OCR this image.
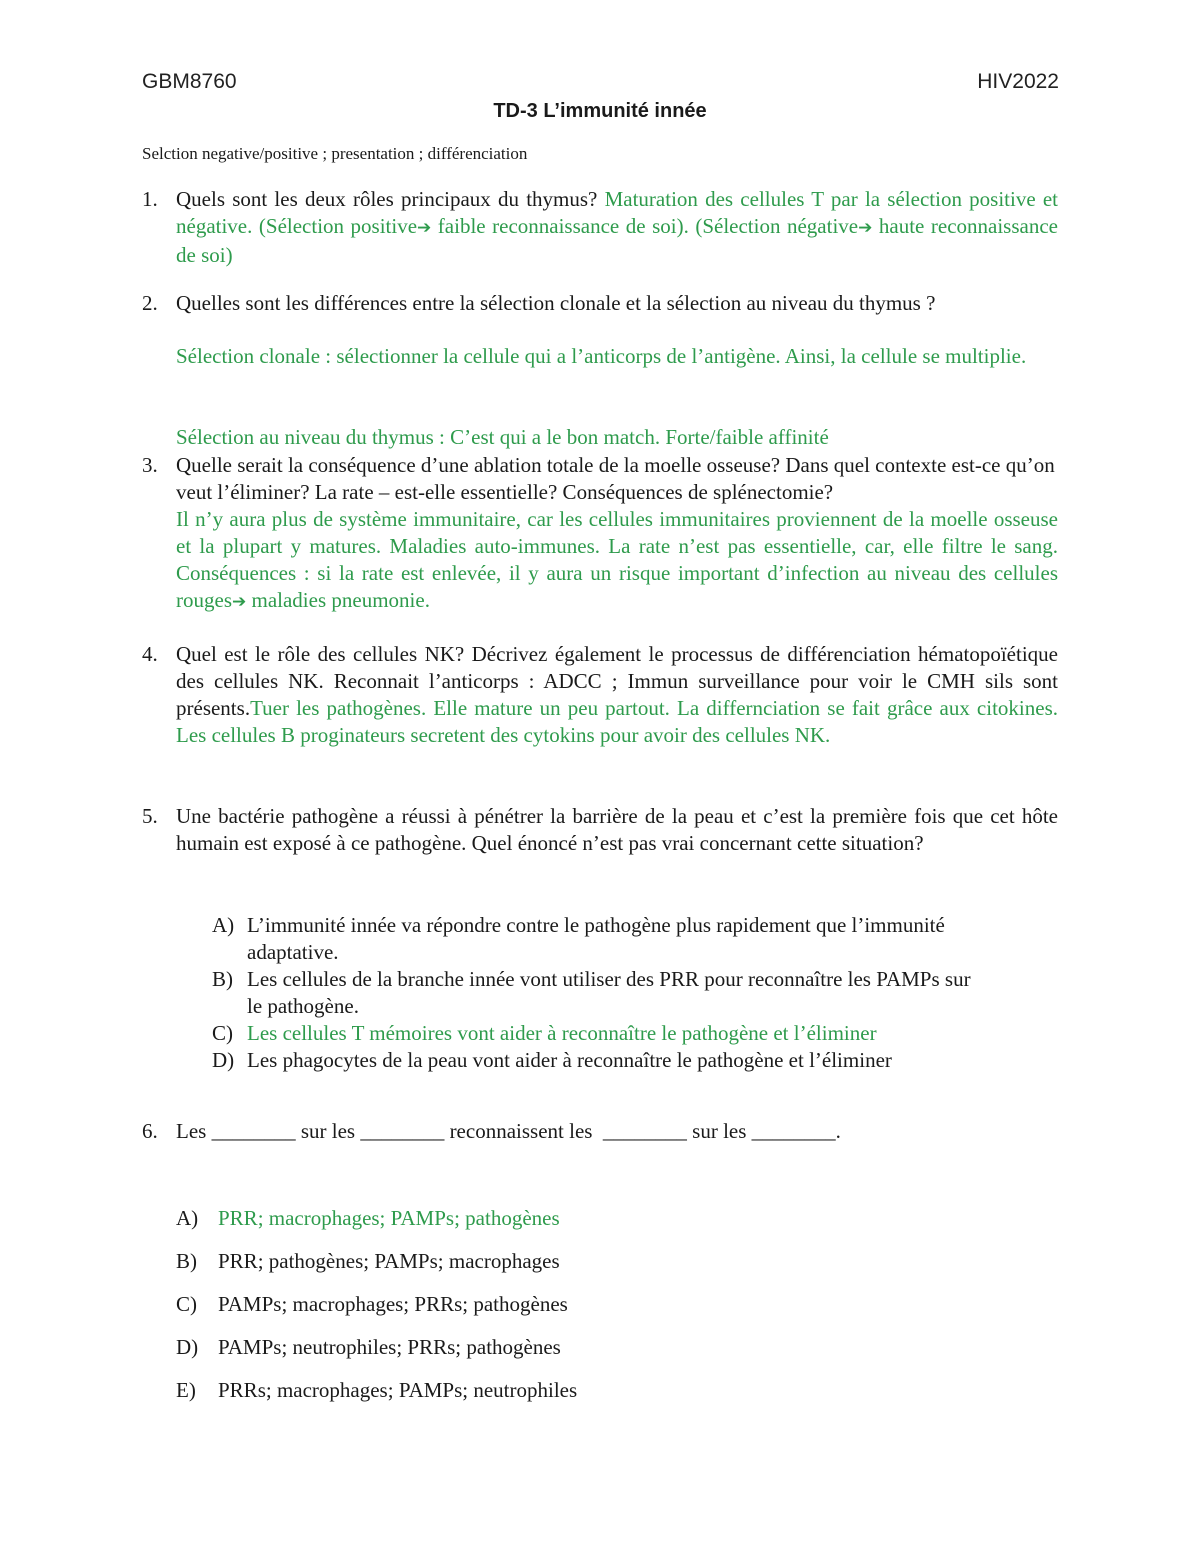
GBM8760	HIV2022
TD-3 L’immunité innée
Selction negative/positive ; presentation ; différenciation
1. Quels sont les deux rôles principaux du thymus? Maturation des cellules T par la sélection positive et négative. (Sélection positive➔ faible reconnaissance de soi). (Sélection négative➔ haute reconnaissance de soi)
2. Quelles sont les différences entre la sélection clonale et la sélection au niveau du thymus ?
Sélection clonale : sélectionner la cellule qui a l’anticorps de l’antigène. Ainsi, la cellule se multiplie.
Sélection au niveau du thymus : C’est qui a le bon match. Forte/faible affinité
3. Quelle serait la conséquence d’une ablation totale de la moelle osseuse? Dans quel contexte est-ce qu’on veut l’éliminer? La rate – est-elle essentielle? Conséquences de splénectomie?
Il n’y aura plus de système immunitaire, car les cellules immunitaires proviennent de la moelle osseuse et la plupart y matures. Maladies auto-immunes. La rate n’est pas essentielle, car, elle filtre le sang. Conséquences : si la rate est enlevée, il y aura un risque important d’infection au niveau des cellules rouges➔ maladies pneumonie.
4. Quel est le rôle des cellules NK? Décrivez également le processus de différenciation hématopoïétique des cellules NK. Reconnait l’anticorps : ADCC ; Immun surveillance pour voir le CMH sils sont présents.Tuer les pathogènes. Elle mature un peu partout. La differnciation se fait grâce aux citokines. Les cellules B proginateurs secretent des cytokins pour avoir des cellules NK.
5. Une bactérie pathogène a réussi à pénétrer la barrière de la peau et c’est la première fois que cet hôte humain est exposé à ce pathogène. Quel énoncé n’est pas vrai concernant cette situation?
A) L’immunité innée va répondre contre le pathogène plus rapidement que l’immunité
adaptative.
B) Les cellules de la branche innée vont utiliser des PRR pour reconnaître les PAMPs sur
le pathogène.
C) Les cellules T mémoires vont aider à reconnaître le pathogène et l’éliminer
D) Les phagocytes de la peau vont aider à reconnaître le pathogène et l’éliminer
6. Les ________ sur les ________ reconnaissent les  ________ sur les ________.
A) PRR; macrophages; PAMPs; pathogènes
B) PRR; pathogènes; PAMPs; macrophages
C) PAMPs; macrophages; PRRs; pathogènes
D) PAMPs; neutrophiles; PRRs; pathogènes
E) PRRs; macrophages; PAMPs; neutrophiles
